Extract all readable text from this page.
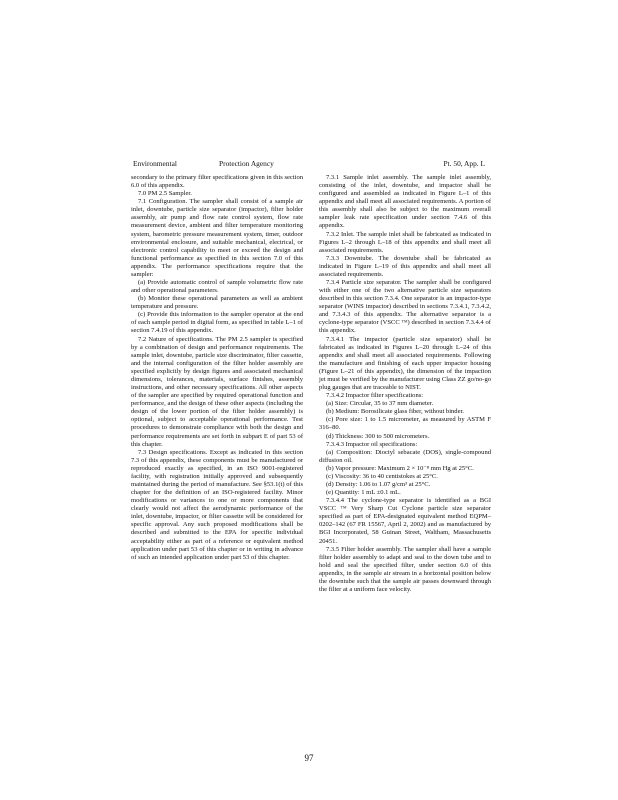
Environmental	Protection Agency	Pt. 50, App. L

secondary to the primary filter specifications given in this section 6.0 of this appendix.

7.0 PM 2.5 Sampler.

7.1 Configuration. The sampler shall consist of a sample air inlet, downtube, particle size separator (impactor), filter holder assembly, air pump and flow rate control system, flow rate measurement device, ambient and filter temperature monitoring system, barometric pressure measurement system, timer, outdoor environmental enclosure, and suitable mechanical, electrical, or electronic control capability to meet or exceed the design and functional performance as specified in this section 7.0 of this appendix. The performance specifications require that the sampler:

(a) Provide automatic control of sample volumetric flow rate and other operational parameters.

(b) Monitor these operational parameters as well as ambient temperature and pressure.

(c) Provide this information to the sampler operator at the end of each sample period in digital form, as specified in table L–1 of section 7.4.19 of this appendix.

7.2 Nature of specifications. The PM 2.5 sampler is specified by a combination of design and performance requirements. The sample inlet, downtube, particle size discriminator, filter cassette, and the internal configuration of the filter holder assembly are specified explicitly by design figures and associated mechanical dimensions, tolerances, materials, surface finishes, assembly instructions, and other necessary specifications. All other aspects of the sampler are specified by required operational function and performance, and the design of these other aspects (including the design of the lower portion of the filter holder assembly) is optional, subject to acceptable operational performance. Test procedures to demonstrate compliance with both the design and performance requirements are set forth in subpart E of part 53 of this chapter.

7.3 Design specifications. Except as indicated in this section 7.3 of this appendix, these components must be manufactured or reproduced exactly as specified, in an ISO 9001-registered facility, with registration initially approved and subsequently maintained during the period of manufacture. See §53.1(t) of this chapter for the definition of an ISO-registered facility. Minor modifications or variances to one or more components that clearly would not affect the aerodynamic performance of the inlet, downtube, impactor, or filter cassette will be considered for specific approval. Any such proposed modifications shall be described and submitted to the EPA for specific individual acceptability either as part of a reference or equivalent method application under part 53 of this chapter or in writing in advance of such an intended application under part 53 of this chapter.

7.3.1 Sample inlet assembly. The sample inlet assembly, consisting of the inlet, downtube, and impactor shall be configured and assembled as indicated in Figure L–1 of this appendix and shall meet all associated requirements. A portion of this assembly shall also be subject to the maximum overall sampler leak rate specification under section 7.4.6 of this appendix.

7.3.2 Inlet. The sample inlet shall be fabricated as indicated in Figures L–2 through L–18 of this appendix and shall meet all associated requirements.

7.3.3 Downtube. The downtube shall be fabricated as indicated in Figure L–19 of this appendix and shall meet all associated requirements.

7.3.4 Particle size separator. The sampler shall be configured with either one of the two alternative particle size separators described in this section 7.3.4. One separator is an impactor-type separator (WINS impactor) described in sections 7.3.4.1, 7.3.4.2, and 7.3.4.3 of this appendix. The alternative separator is a cyclone-type separator (VSCC ᵀᴹ) described in section 7.3.4.4 of this appendix.

7.3.4.1 The impactor (particle size separator) shall be fabricated as indicated in Figures L–20 through L–24 of this appendix and shall meet all associated requirements. Following the manufacture and finishing of each upper impactor housing (Figure L–21 of this appendix), the dimension of the impaction jet must be verified by the manufacturer using Class ZZ go/no-go plug gauges that are traceable to NIST.

7.3.4.2 Impactor filter specifications:

(a) Size: Circular, 35 to 37 mm diameter.

(b) Medium: Borosilicate glass fiber, without binder.

(c) Pore size: 1 to 1.5 micrometer, as measured by ASTM F 316–80.

(d) Thickness: 300 to 500 micrometers.

7.3.4.3 Impactor oil specifications:

(a) Composition: Dioctyl sebacate (DOS), single-compound diffusion oil.

(b) Vapor pressure: Maximum 2 × 10⁻⁸ mm Hg at 25°C.

(c) Viscosity: 36 to 40 centistokes at 25°C.

(d) Density: 1.06 to 1.07 g/cm³ at 25°C.

(e) Quantity: 1 mL ±0.1 mL.

7.3.4.4 The cyclone-type separator is identified as a BGI VSCC ᵀᴹ Very Sharp Cut Cyclone particle size separator specified as part of EPA-designated equivalent method EQPM–0202–142 (67 FR 15567, April 2, 2002) and as manufactured by BGI Incorporated, 58 Guinan Street, Waltham, Massachusetts 20451.

7.3.5 Filter holder assembly. The sampler shall have a sample filter holder assembly to adapt and seal to the down tube and to hold and seal the specified filter, under section 6.0 of this appendix, in the sample air stream in a horizontal position below the downtube such that the sample air passes downward through the filter at a uniform face velocity.

97
